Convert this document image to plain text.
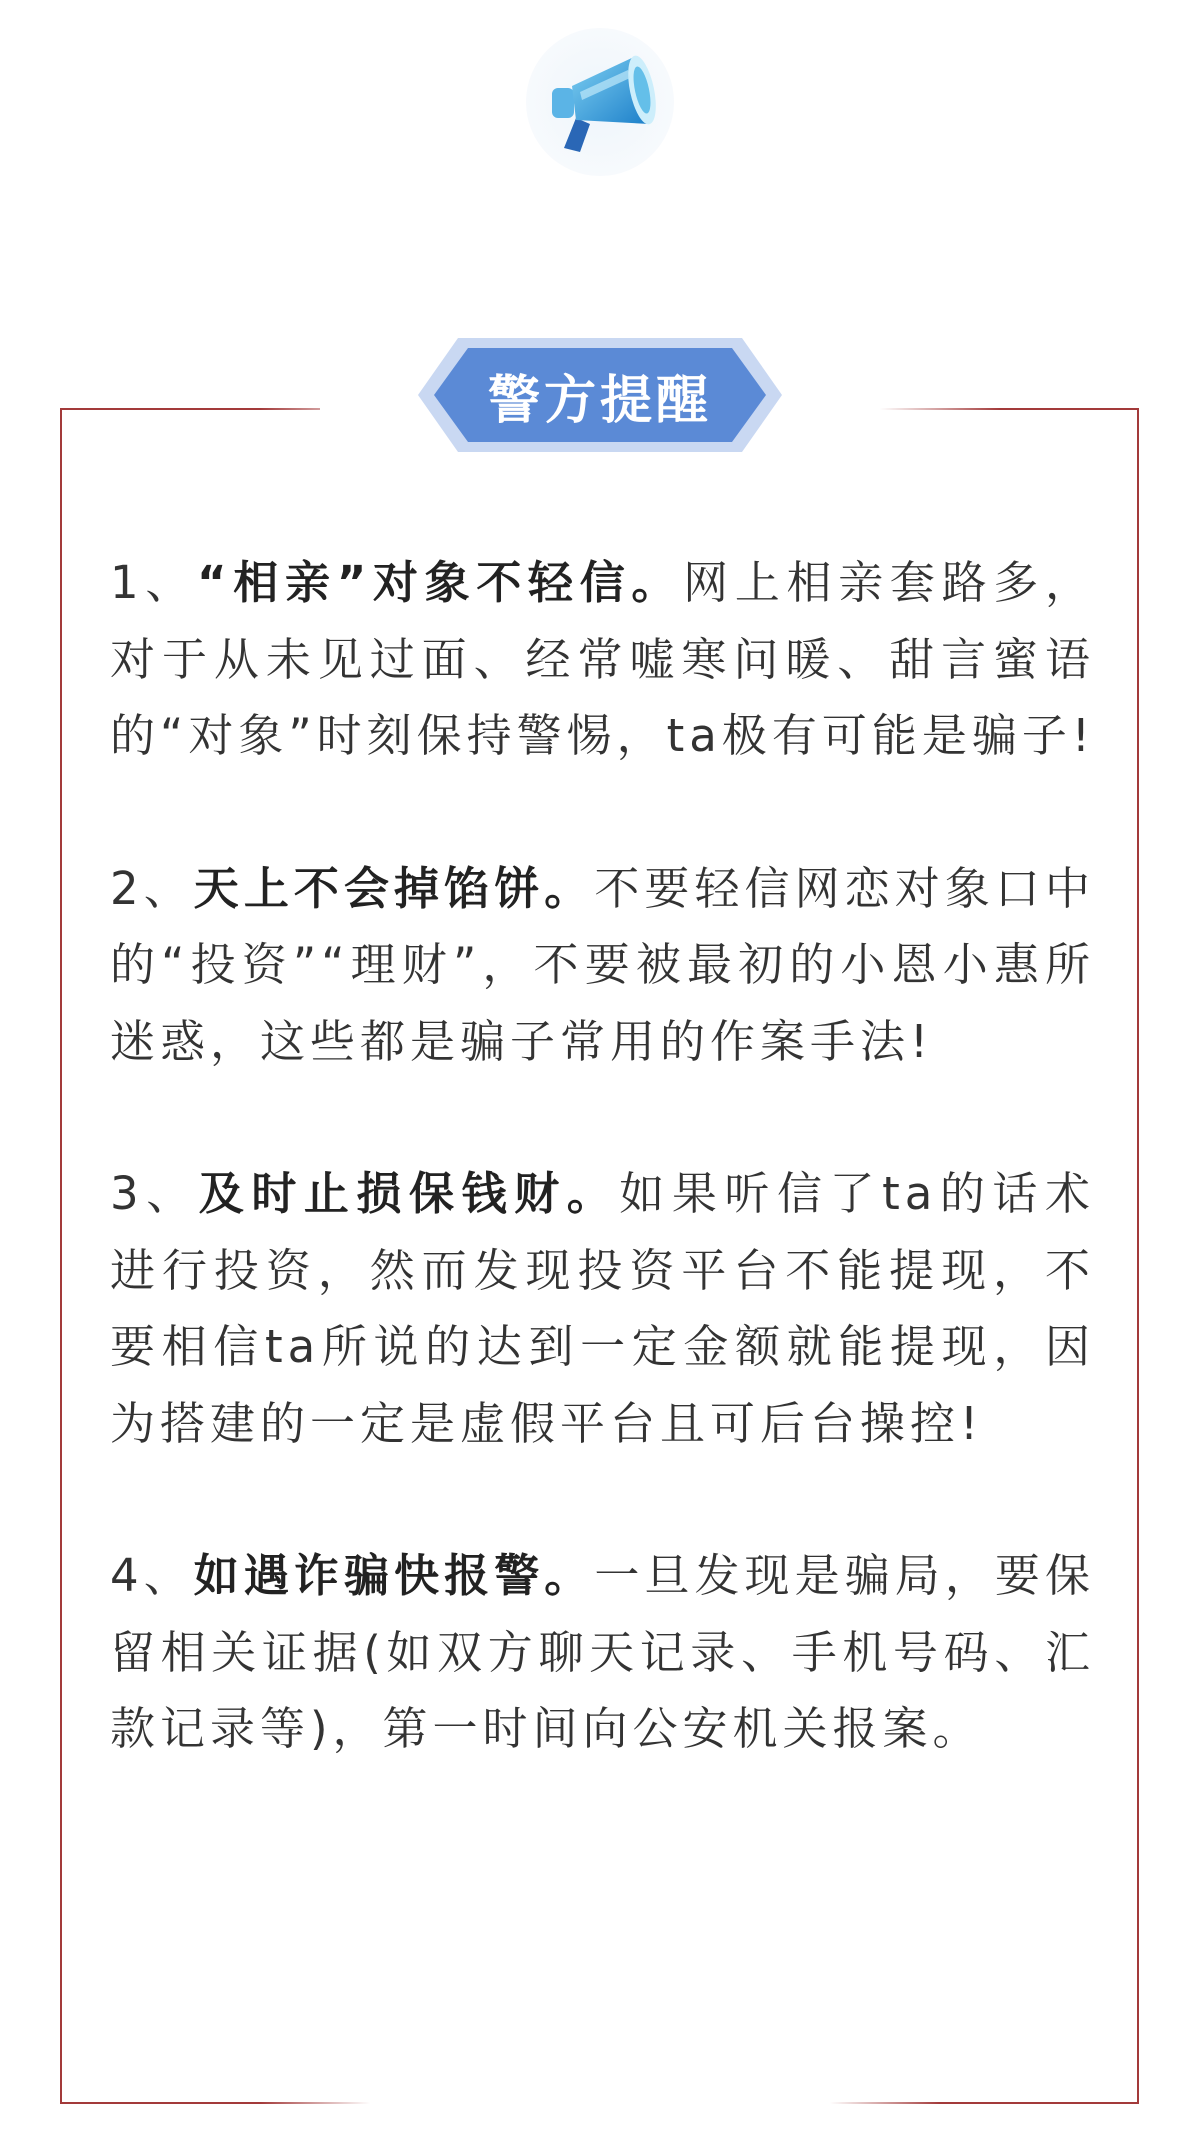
警方提醒

1、“相亲”对象不轻信。网上相亲套路多，对于从未见过面、经常嘘寒问暖、甜言蜜语的“对象”时刻保持警惕，ta极有可能是骗子!

2、天上不会掉馅饼。不要轻信网恋对象口中的“投资”“理财”，不要被最初的小恩小惠所迷惑，这些都是骗子常用的作案手法!

3、及时止损保钱财。如果听信了ta的话术进行投资，然而发现投资平台不能提现，不要相信ta所说的达到一定金额就能提现，因为搭建的一定是虚假平台且可后台操控!

4、如遇诈骗快报警。一旦发现是骗局，要保留相关证据(如双方聊天记录、手机号码、汇款记录等)，第一时间向公安机关报案。
